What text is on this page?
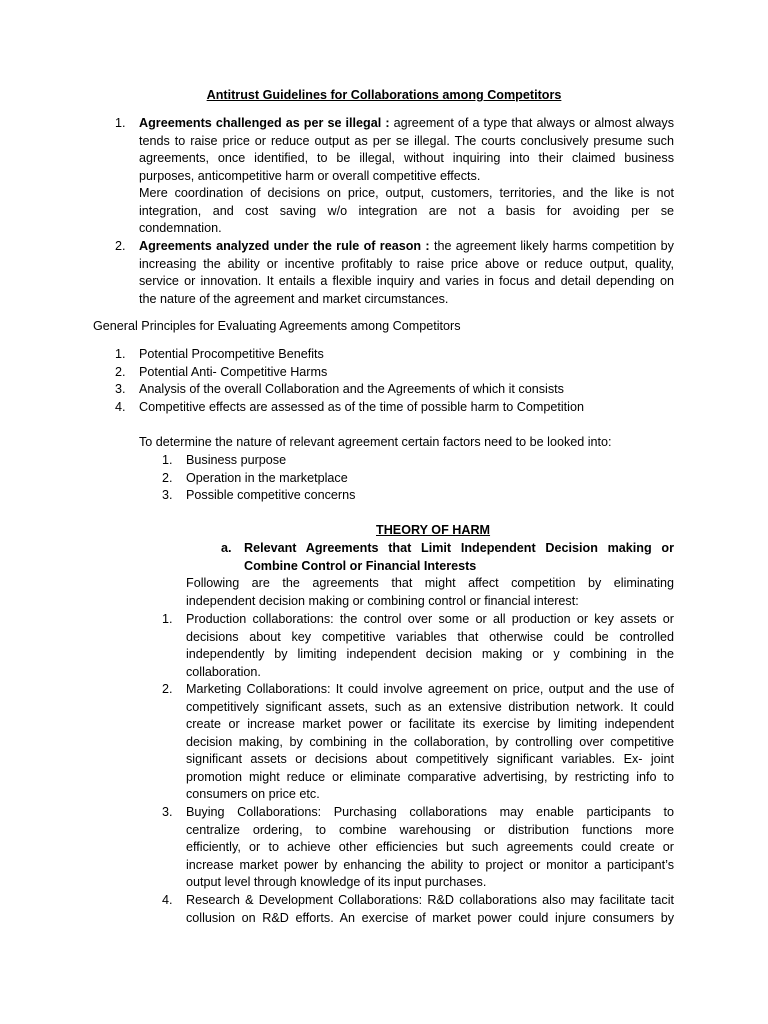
Antitrust Guidelines for Collaborations among Competitors
1. Agreements challenged as per se illegal : agreement of a type that always or almost always
tends to raise price or reduce output as per se illegal. The courts conclusively presume such
agreements, once identified, to be illegal, without inquiring into their claimed business
purposes, anticompetitive harm or overall competitive effects.
Mere coordination of decisions on price, output, customers, territories, and the like is not
integration, and cost saving w/o integration are not a basis for avoiding per se
condemnation.
2. Agreements analyzed under the rule of reason : the agreement likely harms competition by
increasing the ability or incentive profitably to raise price above or reduce output, quality,
service or innovation. It entails a flexible inquiry and varies in focus and detail depending on
the nature of the agreement and market circumstances.
General Principles for Evaluating Agreements among Competitors
1. Potential Procompetitive Benefits
2. Potential Anti- Competitive Harms
3. Analysis of the overall Collaboration and the Agreements of which it consists
4. Competitive effects are assessed as of the time of possible harm to Competition
To determine the nature of relevant agreement certain factors need to be looked into:
1. Business purpose
2. Operation in the marketplace
3. Possible competitive concerns
THEORY OF HARM
a. Relevant Agreements that Limit Independent Decision making or
Combine Control or Financial Interests
Following are the agreements that might affect competition by eliminating
independent decision making or combining control or financial interest:
1. Production collaborations: the control over some or all production or key assets or
decisions about key competitive variables that otherwise could be controlled
independently by limiting independent decision making or y combining in the
collaboration.
2. Marketing Collaborations: It could involve agreement on price, output and the use of
competitively significant assets, such as an extensive distribution network. It could
create or increase market power or facilitate its exercise by limiting independent
decision making, by combining in the collaboration, by controlling over competitive
significant assets or decisions about competitively significant variables. Ex- joint
promotion might reduce or eliminate comparative advertising, by restricting info to
consumers on price etc.
3. Buying Collaborations: Purchasing collaborations may enable participants to
centralize ordering, to combine warehousing or distribution functions more
efficiently, or to achieve other efficiencies but such agreements could create or
increase market power by enhancing the ability to project or monitor a participant’s
output level through knowledge of its input purchases.
4. Research & Development Collaborations: R&D collaborations also may facilitate tacit
collusion on R&D efforts. An exercise of market power could injure consumers by
